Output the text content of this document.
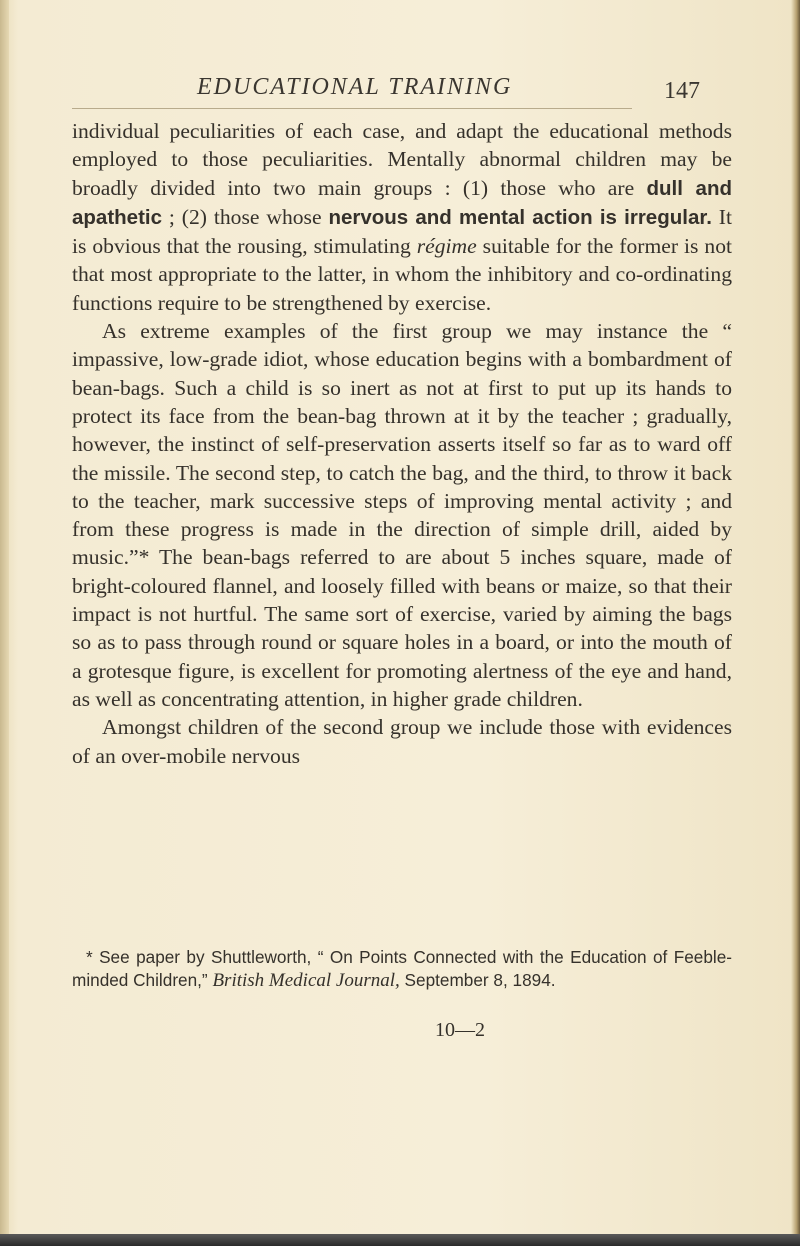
EDUCATIONAL TRAINING	147

individual peculiarities of each case, and adapt the educational methods employed to those peculiarities. Mentally abnormal children may be broadly divided into two main groups : (1) those who are dull and apathetic ; (2) those whose nervous and mental action is irregular. It is obvious that the rousing, stimulating régime suitable for the former is not that most appropriate to the latter, in whom the inhibitory and co-ordinating functions require to be strengthened by exercise.

As extreme examples of the first group we may instance the “ impassive, low-grade idiot, whose education begins with a bombardment of bean-bags. Such a child is so inert as not at first to put up its hands to protect its face from the bean-bag thrown at it by the teacher ; gradually, however, the instinct of self-preservation asserts itself so far as to ward off the missile. The second step, to catch the bag, and the third, to throw it back to the teacher, mark successive steps of improving mental activity ; and from these progress is made in the direction of simple drill, aided by music.”* The bean-bags referred to are about 5 inches square, made of bright-coloured flannel, and loosely filled with beans or maize, so that their impact is not hurtful. The same sort of exercise, varied by aiming the bags so as to pass through round or square holes in a board, or into the mouth of a grotesque figure, is excellent for promoting alertness of the eye and hand, as well as concentrating attention, in higher grade children.

Amongst children of the second group we include those with evidences of an over-mobile nervous

* See paper by Shuttleworth, “ On Points Connected with the Education of Feeble-minded Children,” British Medical Journal, September 8, 1894.
10—2
